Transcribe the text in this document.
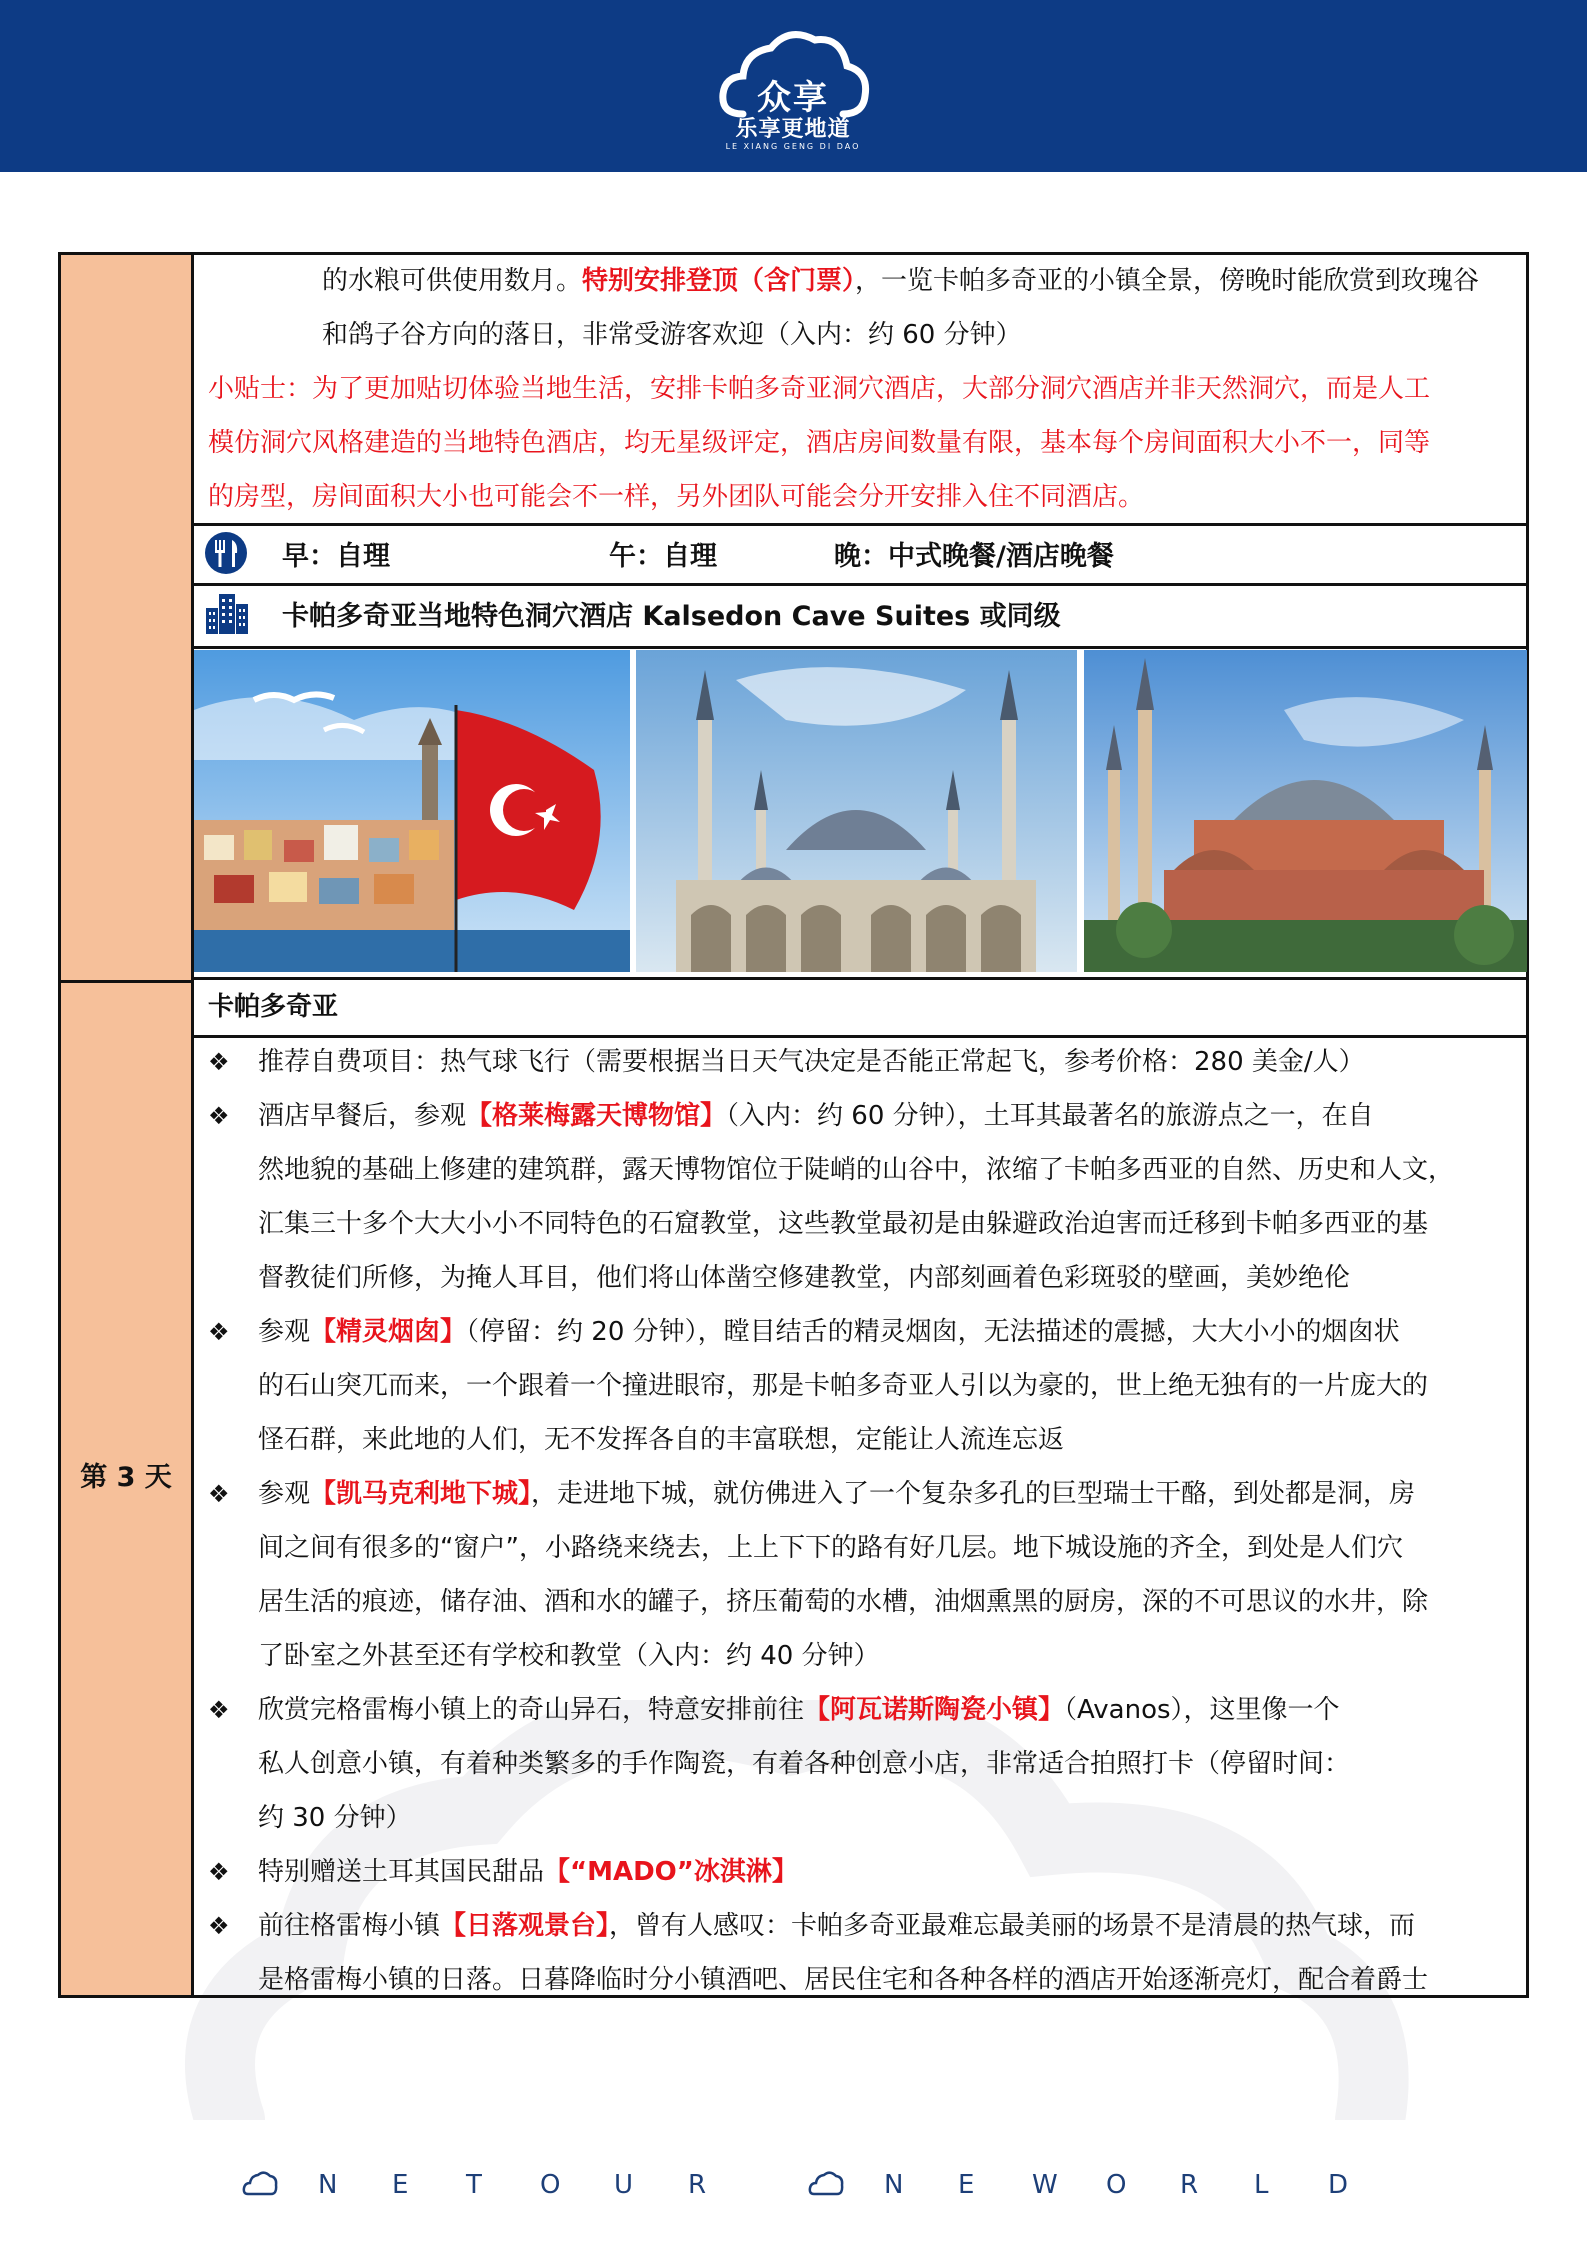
众享
乐享更地道
LE XIANG GENG DI DAO
第 3 天
的水粮可供使用数月。特别安排登顶（含门票），一览卡帕多奇亚的小镇全景，傍晚时能欣赏到玫瑰谷
和鸽子谷方向的落日，非常受游客欢迎（入内：约 60 分钟）
小贴士：为了更加贴切体验当地生活，安排卡帕多奇亚洞穴酒店，大部分洞穴酒店并非天然洞穴，而是人工
模仿洞穴风格建造的当地特色酒店，均无星级评定，酒店房间数量有限，基本每个房间面积大小不一，同等
的房型，房间面积大小也可能会不一样，另外团队可能会分开安排入住不同酒店。
早：自理	午：自理	晚：中式晚餐/酒店晚餐
卡帕多奇亚当地特色洞穴酒店 Kalsedon Cave Suites 或同级
卡帕多奇亚
❖ 推荐自费项目：热气球飞行（需要根据当日天气决定是否能正常起飞，参考价格：280 美金/人）
❖ 酒店早餐后，参观【格莱梅露天博物馆】（入内：约 60 分钟），土耳其最著名的旅游点之一，在自
然地貌的基础上修建的建筑群，露天博物馆位于陡峭的山谷中，浓缩了卡帕多西亚的自然、历史和人文，
汇集三十多个大大小小不同特色的石窟教堂，这些教堂最初是由躲避政治迫害而迁移到卡帕多西亚的基
督教徒们所修，为掩人耳目，他们将山体凿空修建教堂，内部刻画着色彩斑驳的壁画，美妙绝伦
❖ 参观【精灵烟囱】（停留：约 20 分钟），瞠目结舌的精灵烟囱，无法描述的震撼，大大小小的烟囱状
的石山突兀而来，一个跟着一个撞进眼帘，那是卡帕多奇亚人引以为豪的，世上绝无独有的一片庞大的
怪石群，来此地的人们，无不发挥各自的丰富联想，定能让人流连忘返
❖ 参观【凯马克利地下城】，走进地下城，就仿佛进入了一个复杂多孔的巨型瑞士干酪，到处都是洞，房
间之间有很多的“窗户”，小路绕来绕去，上上下下的路有好几层。地下城设施的齐全，到处是人们穴
居生活的痕迹，储存油、酒和水的罐子，挤压葡萄的水槽，油烟熏黑的厨房，深的不可思议的水井，除
了卧室之外甚至还有学校和教堂（入内：约 40 分钟）
❖ 欣赏完格雷梅小镇上的奇山异石，特意安排前往【阿瓦诺斯陶瓷小镇】（Avanos），这里像一个
私人创意小镇，有着种类繁多的手作陶瓷，有着各种创意小店，非常适合拍照打卡（停留时间：
约 30 分钟）
❖ 特别赠送土耳其国民甜品【“MADO”冰淇淋】
❖ 前往格雷梅小镇【日落观景台】，曾有人感叹：卡帕多奇亚最难忘最美丽的场景不是清晨的热气球，而
是格雷梅小镇的日落。日暮降临时分小镇酒吧、居民住宅和各种各样的酒店开始逐渐亮灯，配合着爵士
N E T O U R	N E W O R L D
